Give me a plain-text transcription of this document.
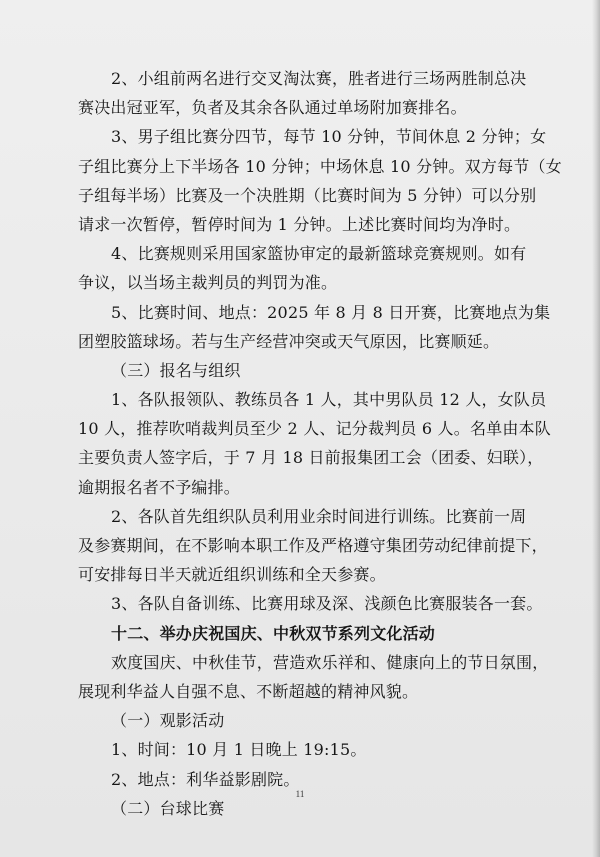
2、小组前两名进行交叉淘汰赛，胜者进行三场两胜制总决
赛决出冠亚军，负者及其余各队通过单场附加赛排名。
3、男子组比赛分四节，每节 10 分钟，节间休息 2 分钟；女
子组比赛分上下半场各 10 分钟；中场休息 10 分钟。双方每节（女
子组每半场）比赛及一个决胜期（比赛时间为 5 分钟）可以分别
请求一次暂停，暂停时间为 1 分钟。上述比赛时间均为净时。
4、比赛规则采用国家篮协审定的最新篮球竞赛规则。如有
争议，以当场主裁判员的判罚为准。
5、比赛时间、地点：2025 年 8 月 8 日开赛，比赛地点为集
团塑胶篮球场。若与生产经营冲突或天气原因，比赛顺延。
（三）报名与组织
1、各队报领队、教练员各 1 人，其中男队员 12 人，女队员
10 人，推荐吹哨裁判员至少 2 人、记分裁判员 6 人。名单由本队
主要负责人签字后，于 7 月 18 日前报集团工会（团委、妇联），
逾期报名者不予编排。
2、各队首先组织队员利用业余时间进行训练。比赛前一周
及参赛期间，在不影响本职工作及严格遵守集团劳动纪律前提下，
可安排每日半天就近组织训练和全天参赛。
3、各队自备训练、比赛用球及深、浅颜色比赛服装各一套。
十二、举办庆祝国庆、中秋双节系列文化活动
欢度国庆、中秋佳节，营造欢乐祥和、健康向上的节日氛围，
展现利华益人自强不息、不断超越的精神风貌。
（一）观影活动
1、时间：10 月 1 日晚上 19:15。
2、地点：利华益影剧院。
（二）台球比赛
11
